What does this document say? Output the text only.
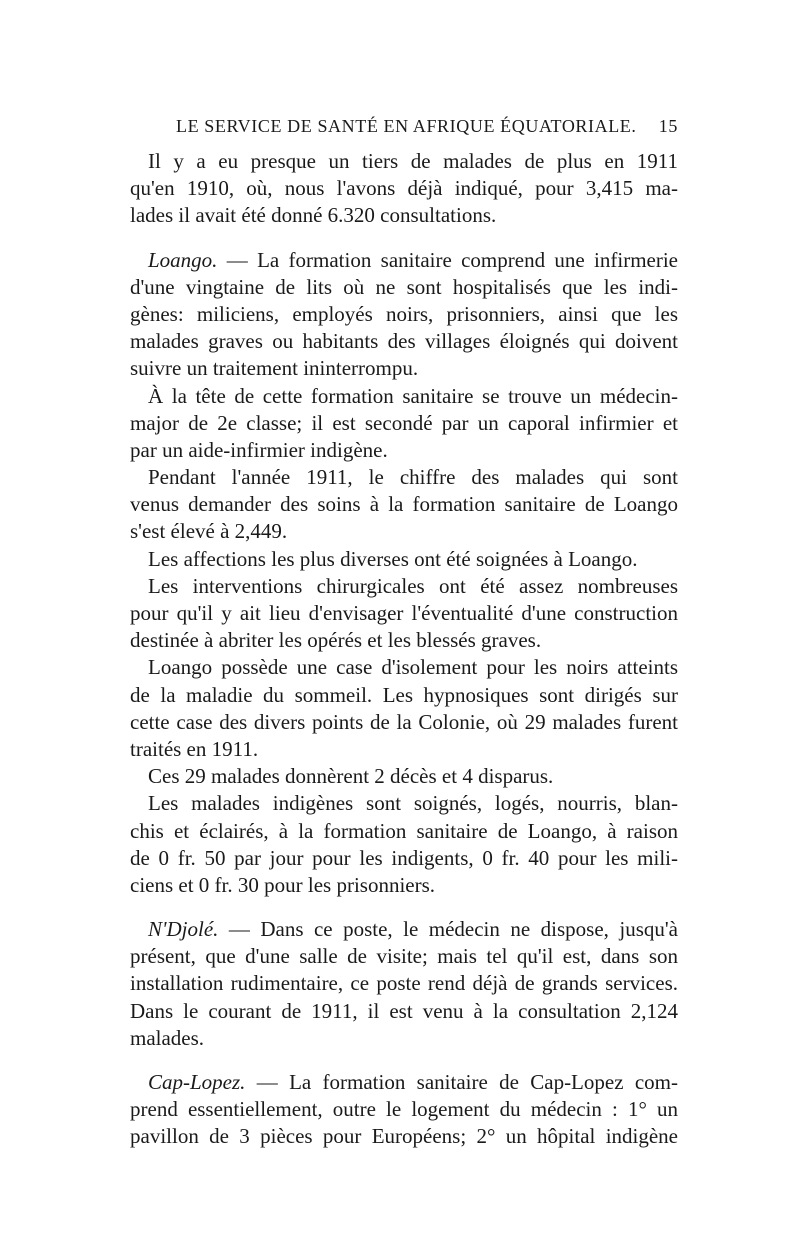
LE SERVICE DE SANTÉ EN AFRIQUE ÉQUATORIALE. 15
Il y a eu presque un tiers de malades de plus en 1911
qu'en 1910, où, nous l'avons déjà indiqué, pour 3,415 ma-
lades il avait été donné 6.320 consultations.
Loango. — La formation sanitaire comprend une infirmerie
d'une vingtaine de lits où ne sont hospitalisés que les indi-
gènes: miliciens, employés noirs, prisonniers, ainsi que les
malades graves ou habitants des villages éloignés qui doivent
suivre un traitement ininterrompu.
À la tête de cette formation sanitaire se trouve un médecin-
major de 2e classe; il est secondé par un caporal infirmier et
par un aide-infirmier indigène.
Pendant l'année 1911, le chiffre des malades qui sont
venus demander des soins à la formation sanitaire de Loango
s'est élevé à 2,449.
Les affections les plus diverses ont été soignées à Loango.
Les interventions chirurgicales ont été assez nombreuses
pour qu'il y ait lieu d'envisager l'éventualité d'une construction
destinée à abriter les opérés et les blessés graves.
Loango possède une case d'isolement pour les noirs atteints
de la maladie du sommeil. Les hypnosiques sont dirigés sur
cette case des divers points de la Colonie, où 29 malades furent
traités en 1911.
Ces 29 malades donnèrent 2 décès et 4 disparus.
Les malades indigènes sont soignés, logés, nourris, blan-
chis et éclairés, à la formation sanitaire de Loango, à raison
de 0 fr. 50 par jour pour les indigents, 0 fr. 40 pour les mili-
ciens et 0 fr. 30 pour les prisonniers.
N'Djolé. — Dans ce poste, le médecin ne dispose, jusqu'à
présent, que d'une salle de visite; mais tel qu'il est, dans son
installation rudimentaire, ce poste rend déjà de grands services.
Dans le courant de 1911, il est venu à la consultation 2,124
malades.
Cap-Lopez. — La formation sanitaire de Cap-Lopez com-
prend essentiellement, outre le logement du médecin : 1° un
pavillon de 3 pièces pour Européens; 2° un hôpital indigène
